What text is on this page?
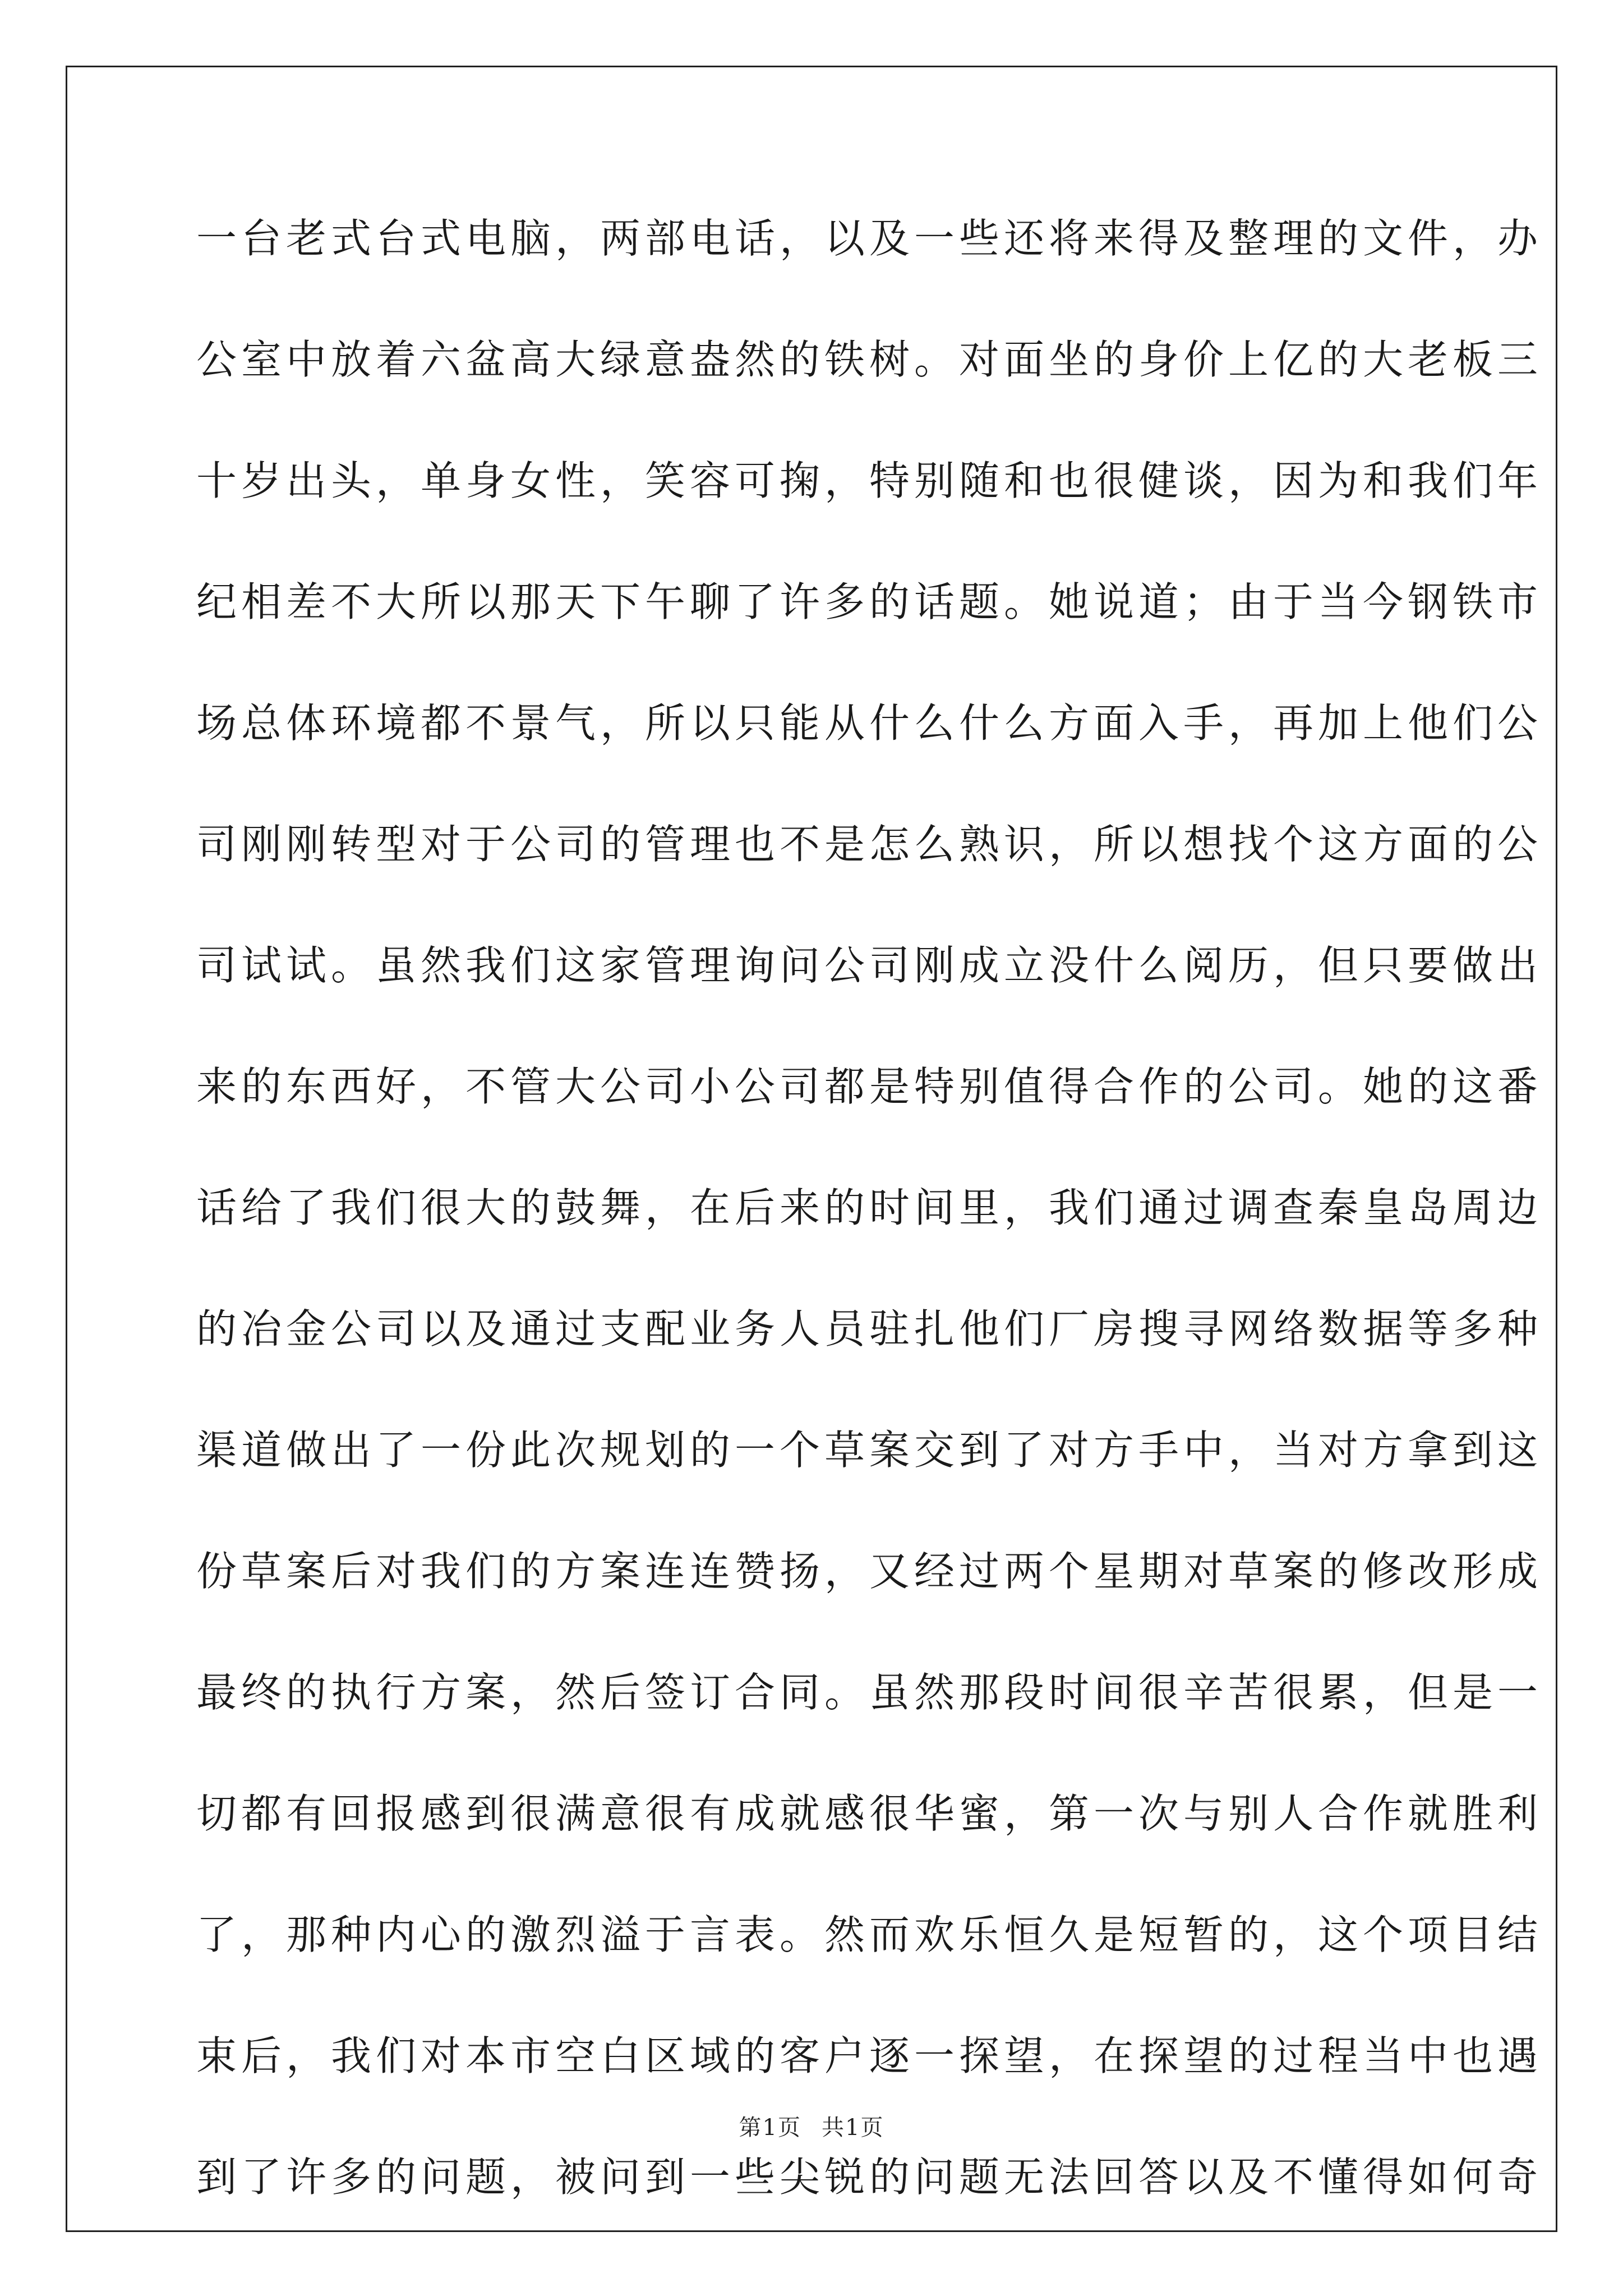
一台老式台式电脑，两部电话，以及一些还将来得及整理的文件，办
公室中放着六盆高大绿意盎然的铁树。对面坐的身价上亿的大老板三
十岁出头，单身女性，笑容可掬，特别随和也很健谈，因为和我们年
纪相差不大所以那天下午聊了许多的话题。她说道；由于当今钢铁市
场总体环境都不景气，所以只能从什么什么方面入手，再加上他们公
司刚刚转型对于公司的管理也不是怎么熟识，所以想找个这方面的公
司试试。虽然我们这家管理询问公司刚成立没什么阅历，但只要做出
来的东西好，不管大公司小公司都是特别值得合作的公司。她的这番
话给了我们很大的鼓舞，在后来的时间里，我们通过调查秦皇岛周边
的冶金公司以及通过支配业务人员驻扎他们厂房搜寻网络数据等多种
渠道做出了一份此次规划的一个草案交到了对方手中，当对方拿到这
份草案后对我们的方案连连赞扬，又经过两个星期对草案的修改形成
最终的执行方案，然后签订合同。虽然那段时间很辛苦很累，但是一
切都有回报感到很满意很有成就感很华蜜，第一次与别人合作就胜利
了，那种内心的激烈溢于言表。然而欢乐恒久是短暂的，这个项目结
束后，我们对本市空白区域的客户逐一探望，在探望的过程当中也遇
到了许多的问题，被问到一些尖锐的问题无法回答以及不懂得如何奇
第1页 共1页
